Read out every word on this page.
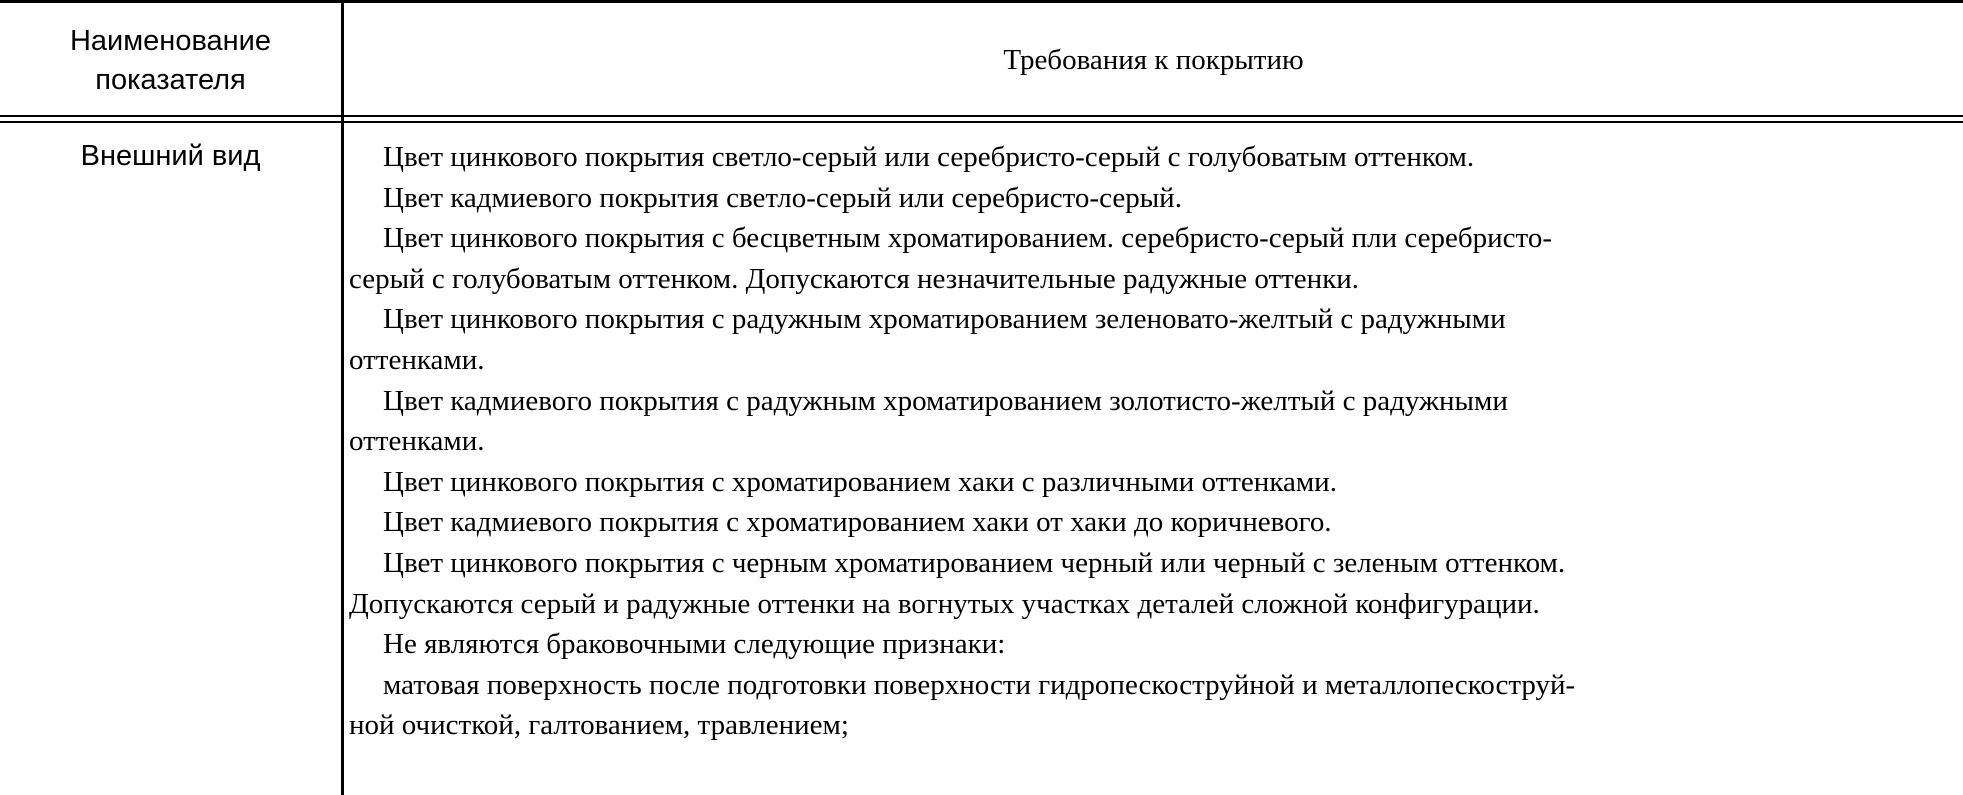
Наименование
показателя
Требования к покрытию
Внешний вид	Цвет цинкового покрытия светло-серый или серебристо-серый с голубоватым оттенком.
Цвет кадмиевого покрытия светло-серый или серебристо-серый.
Цвет цинкового покрытия с бесцветным хроматированием. серебристо-серый пли серебристо-
серый с голубоватым оттенком. Допускаются незначительные радужные оттенки.
Цвет цинкового покрытия с радужным хроматированием зеленовато-желтый с радужными
оттенками.
Цвет кадмиевого покрытия с радужным хроматированием золотисто-желтый с радужными
оттенками.
Цвет цинкового покрытия с хроматированием хаки с различными оттенками.
Цвет кадмиевого покрытия с хроматированием хаки от хаки до коричневого.
Цвет цинкового покрытия с черным хроматированием черный или черный с зеленым оттенком.
Допускаются серый и радужные оттенки на вогнутых участках деталей сложной конфигурации.
Не являются браковочными следующие признаки:
матовая поверхность после подготовки поверхности гидропескоструйной и металлопескоструй-
ной очисткой, галтованием, травлением;
